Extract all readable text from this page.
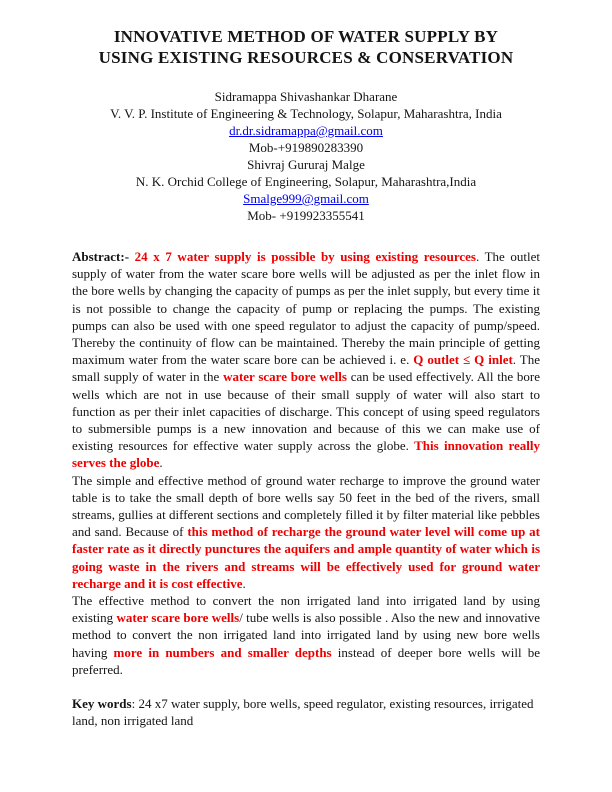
INNOVATIVE METHOD OF WATER SUPPLY BY
USING EXISTING RESOURCES & CONSERVATION
Sidramappa Shivashankar Dharane
V. V. P. Institute of Engineering & Technology, Solapur, Maharashtra, India
dr.dr.sidramappa@gmail.com
Mob-+919890283390
Shivraj Gururaj Malge
N. K. Orchid College of Engineering, Solapur, Maharashtra,India
Smalge999@gmail.com
Mob- +919923355541

Abstract:- 24 x 7 water supply is possible by using existing resources. The outlet supply of water from the water scare bore wells will be adjusted as per the inlet flow in the bore wells by changing the capacity of pumps as per the inlet supply, but every time it is not possible to change the capacity of pump or replacing the pumps. The existing pumps can also be used with one speed regulator to adjust the capacity of pump/speed. Thereby the continuity of flow can be maintained. Thereby the main principle of getting maximum water from the water scare bore can be achieved i. e. Q outlet ≤ Q inlet. The small supply of water in the water scare bore wells can be used effectively. All the bore wells which are not in use because of their small supply of water will also start to function as per their inlet capacities of discharge. This concept of using speed regulators to submersible pumps is a new innovation and because of this we can make use of existing resources for effective water supply across the globe. This innovation really serves the globe.

The simple and effective method of ground water recharge to improve the ground water table is to take the small depth of bore wells say 50 feet in the bed of the rivers, small streams, gullies at different sections and completely filled it by filter material like pebbles and sand. Because of this method of recharge the ground water level will come up at faster rate as it directly punctures the aquifers and ample quantity of water which is going waste in the rivers and streams will be effectively used for ground water recharge and it is cost effective.

The effective method to convert the non irrigated land into irrigated land by using existing water scare bore wells/ tube wells is also possible . Also the new and innovative method to convert the non irrigated land into irrigated land by using new bore wells having more in numbers and smaller depths instead of deeper bore wells will be preferred.

Key words: 24 x7 water supply, bore wells, speed regulator, existing resources, irrigated land, non irrigated land
